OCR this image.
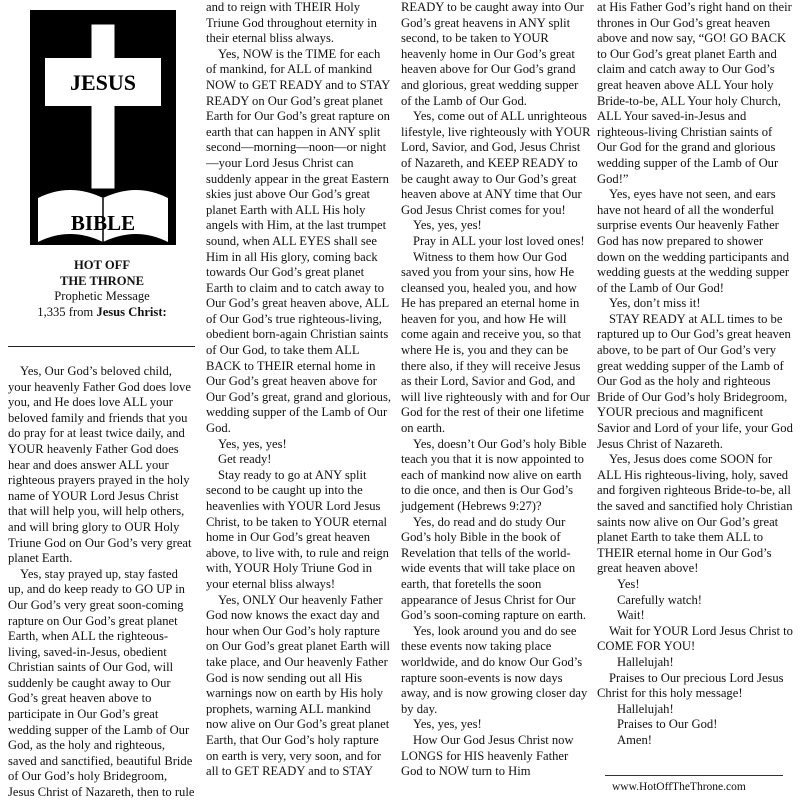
JESUS
BIBLE
HOT OFF
THE THRONE
Prophetic Message
1,335 from Jesus Christ:

Yes, Our God’s beloved child, your heavenly Father God does love you, and He does love ALL your beloved family and friends that you do pray for at least twice daily, and YOUR heavenly Father God does hear and does answer ALL your righteous prayers prayed in the holy name of YOUR Lord Jesus Christ that will help you, will help others, and will bring glory to OUR Holy Triune God on Our God’s very great planet Earth.

Yes, stay prayed up, stay fasted up, and do keep ready to GO UP in Our God’s very great soon-coming rapture on Our God’s great planet Earth, when ALL the righteous-living, saved-in-Jesus, obedient Christian saints of Our God, will suddenly be caught away to Our God’s great heaven above to participate in Our God’s great wedding supper of the Lamb of Our God, as the holy and righteous, saved and sanctified, beautiful Bride of Our God’s holy Bridegroom, Jesus Christ of Nazareth, then to rule

and to reign with THEIR Holy Triune God throughout eternity in their eternal bliss always.

Yes, NOW is the TIME for each of mankind, for ALL of mankind NOW to GET READY and to STAY READY on Our God’s great planet Earth for Our God’s great rapture on earth that can happen in ANY split second—morning—noon—or night—your Lord Jesus Christ can suddenly appear in the great Eastern skies just above Our God’s great planet Earth with ALL His holy angels with Him, at the last trumpet sound, when ALL EYES shall see Him in all His glory, coming back towards Our God’s great planet Earth to claim and to catch away to Our God’s great heaven above, ALL of Our God’s true righteous-living, obedient born-again Christian saints of Our God, to take them ALL BACK to THEIR eternal home in Our God’s great heaven above for Our God’s great, grand and glorious, wedding supper of the Lamb of Our God.

Yes, yes, yes!

Get ready!

Stay ready to go at ANY split second to be caught up into the heavenlies with YOUR Lord Jesus Christ, to be taken to YOUR eternal home in Our God’s great heaven above, to live with, to rule and reign with, YOUR Holy Triune God in your eternal bliss always!

Yes, ONLY Our heavenly Father God now knows the exact day and hour when Our God’s holy rapture on Our God’s great planet Earth will take place, and Our heavenly Father God is now sending out all His warnings now on earth by His holy prophets, warning ALL mankind now alive on Our God’s great planet Earth, that Our God’s holy rapture on earth is very, very soon, and for all to GET READY and to STAY

READY to be caught away into Our God’s great heavens in ANY split second, to be taken to YOUR heavenly home in Our God’s great heaven above for Our God’s grand and glorious, great wedding supper of the Lamb of Our God.

Yes, come out of ALL unrighteous lifestyle, live righteously with YOUR Lord, Savior, and God, Jesus Christ of Nazareth, and KEEP READY to be caught away to Our God’s great heaven above at ANY time that Our God Jesus Christ comes for you!

Yes, yes, yes!

Pray in ALL your lost loved ones!

Witness to them how Our God saved you from your sins, how He cleansed you, healed you, and how He has prepared an eternal home in heaven for you, and how He will come again and receive you, so that where He is, you and they can be there also, if they will receive Jesus as their Lord, Savior and God, and will live righteously with and for Our God for the rest of their one lifetime on earth.

Yes, doesn’t Our God’s holy Bible teach you that it is now appointed to each of mankind now alive on earth to die once, and then is Our God’s judgement (Hebrews 9:27)?

Yes, do read and do study Our God’s holy Bible in the book of Revelation that tells of the world-wide events that will take place on earth, that foretells the soon appearance of Jesus Christ for Our God’s soon-coming rapture on earth.

Yes, look around you and do see these events now taking place worldwide, and do know Our God’s rapture soon-events is now days away, and is now growing closer day by day.

Yes, yes, yes!

How Our God Jesus Christ now LONGS for HIS heavenly Father God to NOW turn to Him

at His Father God’s right hand on their thrones in Our God’s great heaven above and now say, “GO! GO BACK to Our God’s great planet Earth and claim and catch away to Our God’s great heaven above ALL Your holy Bride-to-be, ALL Your holy Church, ALL Your saved-in-Jesus and righteous-living Christian saints of Our God for the grand and glorious wedding supper of the Lamb of Our God!”

Yes, eyes have not seen, and ears have not heard of all the wonderful surprise events Our heavenly Father God has now prepared to shower down on the wedding participants and wedding guests at the wedding supper of the Lamb of Our God!

Yes, don’t miss it!

STAY READY at ALL times to be raptured up to Our God’s great heaven above, to be part of Our God’s very great wedding supper of the Lamb of Our God as the holy and righteous Bride of Our God’s holy Bridegroom, YOUR precious and magnificent Savior and Lord of your life, your God Jesus Christ of Nazareth.

Yes, Jesus does come SOON for ALL His righteous-living, holy, saved and forgiven righteous Bride-to-be, all the saved and sanctified holy Christian saints now alive on Our God’s great planet Earth to take them ALL to THEIR eternal home in Our God’s great heaven above!

Yes!

Carefully watch!

Wait!

Wait for YOUR Lord Jesus Christ to COME FOR YOU!

Hallelujah!

Praises to Our precious Lord Jesus Christ for this holy message!

Hallelujah!

Praises to Our God!

Amen!

www.HotOffTheThrone.com
